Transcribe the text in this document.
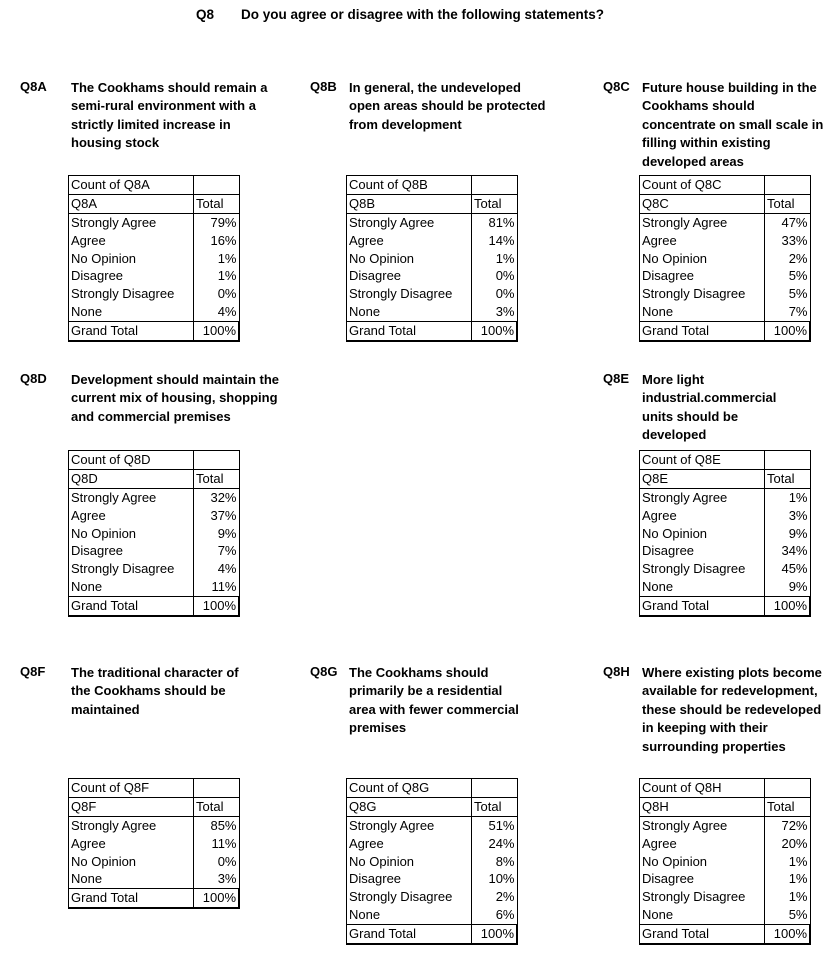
Q8 Do you agree or disagree with the following statements?
Q8A The Cookhams should remain a
semi-rural environment with a
strictly limited increase in
housing stock
Count of Q8A	
Q8A	Total
Strongly Agree	79%
Agree	16%
No Opinion	1%
Disagree	1%
Strongly Disagree	0%
None	4%
Grand Total	100%
Q8B In general, the undeveloped
open areas should be protected
from development
Count of Q8B	
Q8B	Total
Strongly Agree	81%
Agree	14%
No Opinion	1%
Disagree	0%
Strongly Disagree	0%
None	3%
Grand Total	100%
Q8C Future house building in the
Cookhams should
concentrate on small scale in
filling within existing
developed areas
Count of Q8C	
Q8C	Total
Strongly Agree	47%
Agree	33%
No Opinion	2%
Disagree	5%
Strongly Disagree	5%
None	7%
Grand Total	100%
Q8D Development should maintain the
current mix of housing, shopping
and commercial premises
Count of Q8D	
Q8D	Total
Strongly Agree	32%
Agree	37%
No Opinion	9%
Disagree	7%
Strongly Disagree	4%
None	11%
Grand Total	100%
Q8E More light
industrial.commercial
units should be
developed
Count of Q8E	
Q8E	Total
Strongly Agree	1%
Agree	3%
No Opinion	9%
Disagree	34%
Strongly Disagree	45%
None	9%
Grand Total	100%
Q8F The traditional character of
the Cookhams should be
maintained
Count of Q8F	
Q8F	Total
Strongly Agree	85%
Agree	11%
No Opinion	0%
None	3%
Grand Total	100%
Q8G The Cookhams should
primarily be a residential
area with fewer commercial
premises
Count of Q8G	
Q8G	Total
Strongly Agree	51%
Agree	24%
No Opinion	8%
Disagree	10%
Strongly Disagree	2%
None	6%
Grand Total	100%
Q8H Where existing plots become
available for redevelopment,
these should be redeveloped
in keeping with their
surrounding properties
Count of Q8H	
Q8H	Total
Strongly Agree	72%
Agree	20%
No Opinion	1%
Disagree	1%
Strongly Disagree	1%
None	5%
Grand Total	100%
